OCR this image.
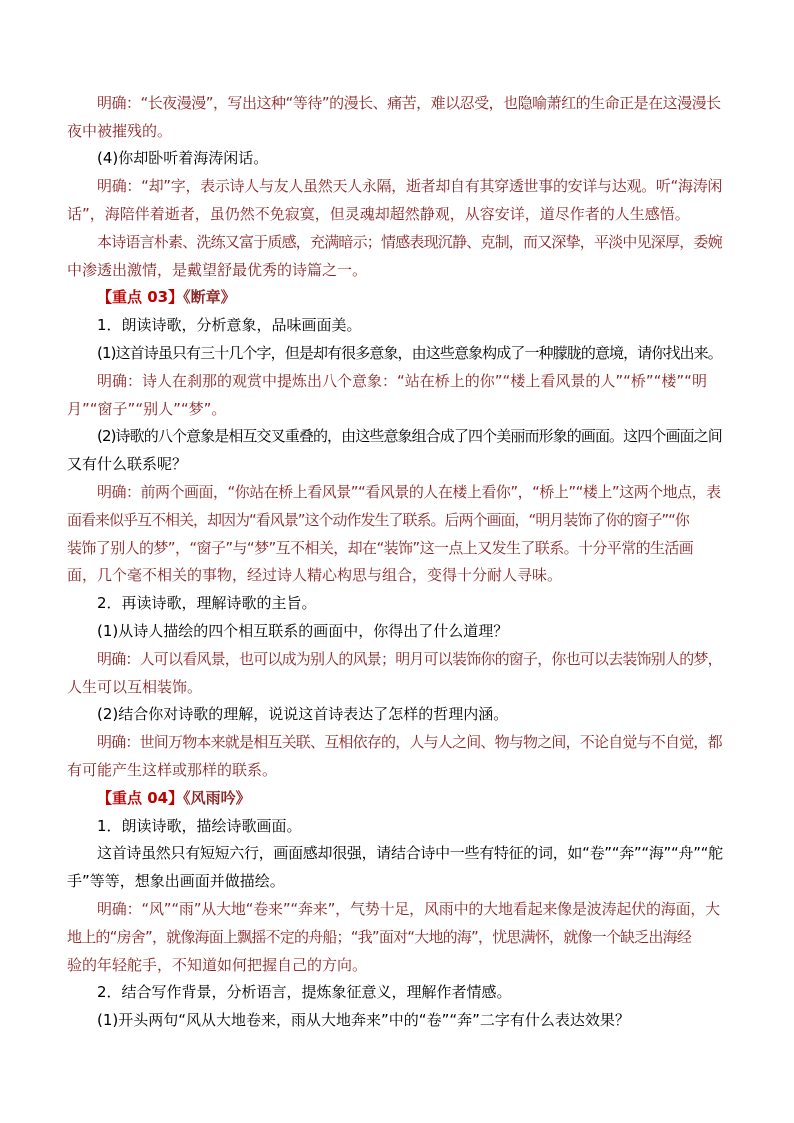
明确：“长夜漫漫”，写出这种“等待”的漫长、痛苦，难以忍受，也隐喻萧红的生命正是在这漫漫长
夜中被摧残的。
(4)你却卧听着海涛闲话。
明确：“却”字，表示诗人与友人虽然天人永隔，逝者却自有其穿透世事的安详与达观。听“海涛闲
话”，海陪伴着逝者，虽仍然不免寂寞，但灵魂却超然静观，从容安详，道尽作者的人生感悟。
本诗语言朴素、洗练又富于质感，充满暗示；情感表现沉静、克制，而又深挚，平淡中见深厚，委婉
中渗透出激情，是戴望舒最优秀的诗篇之一。
【重点 03】《断章》
1．朗读诗歌，分析意象，品味画面美。
(1)这首诗虽只有三十几个字，但是却有很多意象，由这些意象构成了一种朦胧的意境，请你找出来。
明确：诗人在刹那的观赏中提炼出八个意象：“站在桥上的你”“楼上看风景的人”“桥”“楼”“明
月”“窗子”“别人”“梦”。
(2)诗歌的八个意象是相互交叉重叠的，由这些意象组合成了四个美丽而形象的画面。这四个画面之间
又有什么联系呢？
明确：前两个画面，“你站在桥上看风景”“看风景的人在楼上看你”，“桥上”“楼上”这两个地点，表
面看来似乎互不相关，却因为“看风景”这个动作发生了联系。后两个画面，“明月装饰了你的窗子”“你
装饰了别人的梦”，“窗子”与“梦”互不相关，却在“装饰”这一点上又发生了联系。十分平常的生活画
面，几个毫不相关的事物，经过诗人精心构思与组合，变得十分耐人寻味。
2．再读诗歌，理解诗歌的主旨。
(1)从诗人描绘的四个相互联系的画面中，你得出了什么道理？
明确：人可以看风景，也可以成为别人的风景；明月可以装饰你的窗子，你也可以去装饰别人的梦，
人生可以互相装饰。
(2)结合你对诗歌的理解，说说这首诗表达了怎样的哲理内涵。
明确：世间万物本来就是相互关联、互相依存的，人与人之间、物与物之间，不论自觉与不自觉，都
有可能产生这样或那样的联系。
【重点 04】《风雨吟》
1．朗读诗歌，描绘诗歌画面。
这首诗虽然只有短短六行，画面感却很强，请结合诗中一些有特征的词，如“卷”“奔”“海”“舟”“舵
手”等等，想象出画面并做描绘。
明确：“风”“雨”从大地“卷来”“奔来”，气势十足，风雨中的大地看起来像是波涛起伏的海面，大
地上的“房舍”，就像海面上飘摇不定的舟船；“我”面对“大地的海”，忧思满怀，就像一个缺乏出海经
验的年轻舵手，不知道如何把握自己的方向。
2．结合写作背景，分析语言，提炼象征意义，理解作者情感。
(1)开头两句“风从大地卷来，雨从大地奔来”中的“卷”“奔”二字有什么表达效果？
